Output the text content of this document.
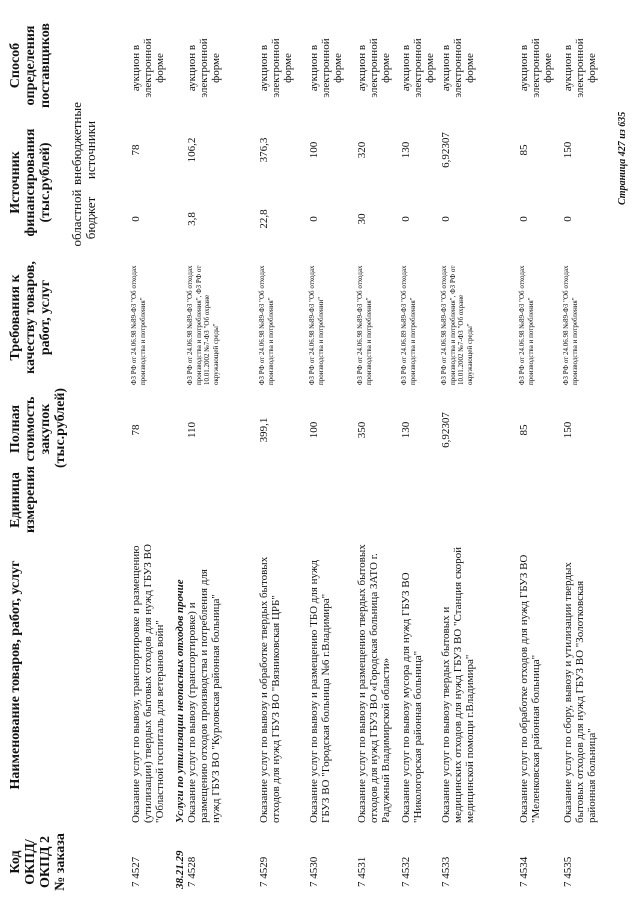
Код ОКПД/ ОКПД 2 № заказа
Наименование товаров, работ, услуг
Единица измерения
Полная стоимость закупок (тыс.рублей)
Требования к качеству товаров, работ, услуг
Источник финансирования (тыс.рублей) областной бюджет
внебюджетные источники
Способ определения поставщиков
7 4527
Оказание услуг по вывозу, транспортировке и размещению (утилизации) твердых бытовых отходов для нужд ГБУЗ ВО "Областной госпиталь для ветеранов войн"
78
ФЗ РФ от 24.06.98 №89-ФЗ "Об отходах производства и потребления"
0
78
аукцион в электронной форме
38.21.29
Услуги по утилизации неопасных отходов прочие
7 4528
Оказание услуг по вывозу (транспортировке) и размещению отходов производства и потребления для нужд ГБУЗ ВО "Курловская районная больница"
110
ФЗ РФ от 24.06.98 №89-ФЗ "Об отходах производства и потребления", ФЗ РФ от 10.01.2002 №7-ФЗ "Об охране окружающей среды"
3,8
106,2
аукцион в электронной форме
7 4529
Оказание услуг по вывозу и обработке твердых бытовых отходов для нужд ГБУЗ ВО "Вязниковская ЦРБ"
399,1
ФЗ РФ от 24.06.98 №89-ФЗ "Об отходах производства и потребления"
22,8
376,3
аукцион в электронной форме
7 4530
Оказание услуг по вывозу и размещению ТБО для нужд ГБУЗ ВО "Городская больница №6 г.Владимира"
100
ФЗ РФ от 24.06.98 №89-ФЗ "Об отходах производства и потреблении"
0
100
аукцион в электронной форме
7 4531
Оказание услуг по вывозу и размещению твердых бытовых отходов для нужд ГБУЗ ВО «Городская больница ЗАТО г. Радужный Владимирской области»
350
ФЗ РФ от 24.06.98 №89-ФЗ "Об отходах производства и потребления"
30
320
аукцион в электронной форме
7 4532
Оказание услуг по вывозу мусора для нужд ГБУЗ ВО "Никологорская районная больница"
130
ФЗ РФ от 24.06.89 №89-ФЗ "Об отходах производства и потребления"
0
130
аукцион в электронной форме
7 4533
Оказание услуг по вывозу твердых бытовых и медицинских отходов для нужд ГБУЗ ВО "Станция скорой медицинской помощи г.Владимира"
6,92307
ФЗ РФ от 24.06.98 №89-ФЗ "Об отходах производства и потребления", ФЗ РФ от 10.01.2002 №7-ФЗ "Об охране окружающей среды"
0
6,92307
аукцион в электронной форме
7 4534
Оказание услуг по обработке отходов для нужд ГБУЗ ВО "Меленковская районная больница"
85
ФЗ РФ от 24.06.98 №89-ФЗ "Об отходах производства и потребления"
0
85
аукцион в электронной форме
7 4535
Оказание услуг по сбору, вывозу и утилизации твердых бытовых отходов для нужд ГБУЗ ВО "Золотковская районная больница"
150
ФЗ РФ от 24.06.98 №89-ФЗ "Об отходах производства и потребления"
0
150
аукцион в электронной форме
Страница 427 из 635
